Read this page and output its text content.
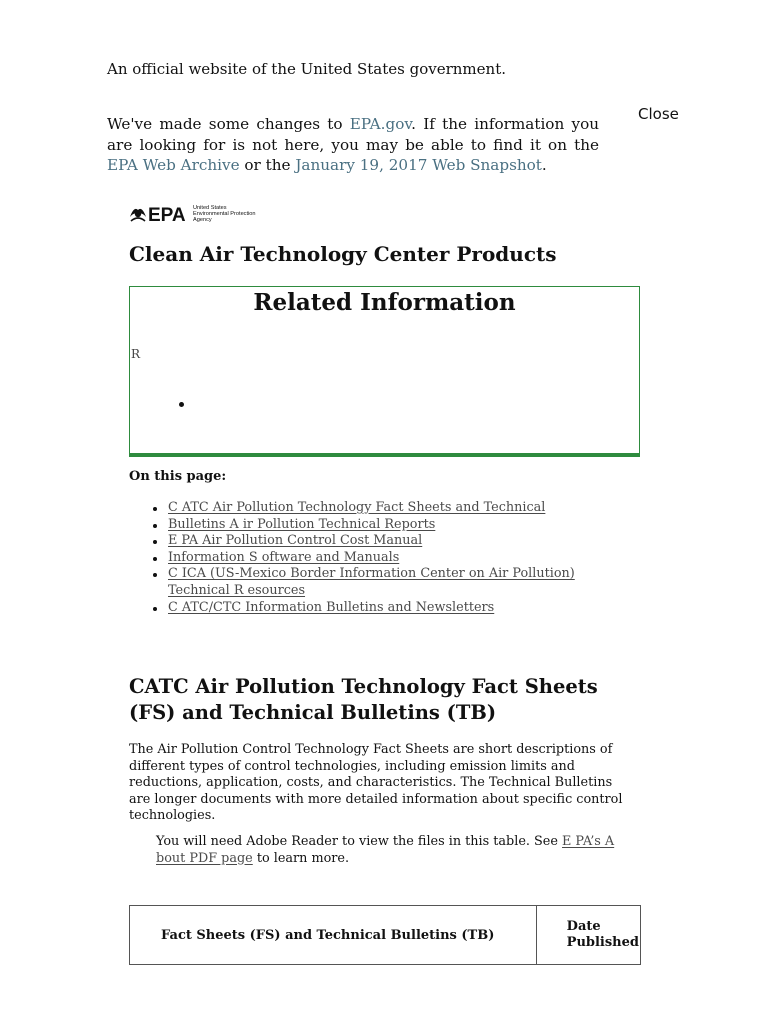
An official website of the United States government.
We've made some changes to EPA.gov. If the information you are looking for is not here, you may be able to find it on the EPA Web Archive or the January 19, 2017 Web Snapshot.
Close
EPA United States
Environmental Protection
Agency
Clean Air Technology Center Products
Related Information
R
On this page:
C ATC Air Pollution Technology Fact Sheets and Technical
Bulletins A ir Pollution Technical Reports
E PA Air Pollution Control Cost Manual
Information S oftware and Manuals
C ICA (US-Mexico Border Information Center on Air Pollution) Technical R esources
C ATC/CTC Information Bulletins and Newsletters
CATC Air Pollution Technology Fact Sheets (FS) and Technical Bulletins (TB)

The Air Pollution Control Technology Fact Sheets are short descriptions of different types of control technologies, including emission limits and reductions, application, costs, and characteristics. The Technical Bulletins are longer documents with more detailed information about specific control technologies.

You will need Adobe Reader to view the files in this table. See E PA’s A bout PDF page to learn more.

Fact Sheets (FS) and Technical Bulletins (TB)	Date Published
